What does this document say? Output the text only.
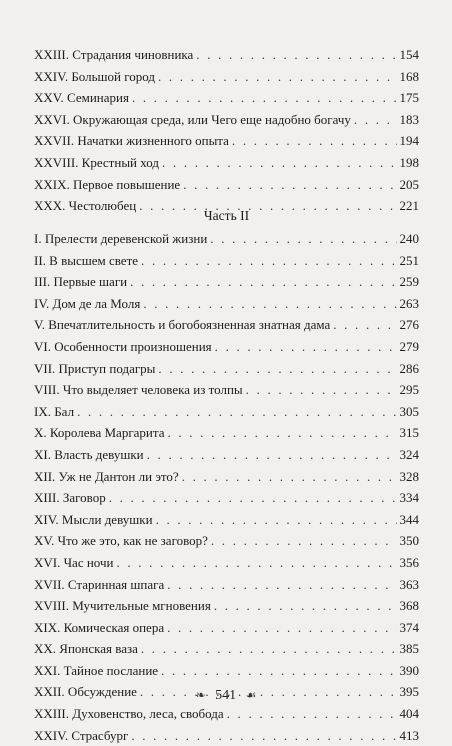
XXIII. Страдания чиновника . . .	154
XXIV. Большой город . . .	168
XXV. Семинария . . .	175
XXVI. Окружающая среда, или Чего еще надобно богачу . . .	183
XXVII. Начатки жизненного опыта . . .	194
XXVIII. Крестный ход . . .	198
XXIX. Первое повышение . . .	205
XXX. Честолюбец . . .	221
Часть II
I. Прелести деревенской жизни . . .	240
II. В высшем свете . . .	251
III. Первые шаги . . .	259
IV. Дом де ла Моля . . .	263
V. Впечатлительность и богобоязненная знатная дама . . .	276
VI. Особенности произношения . . .	279
VII. Приступ подагры . . .	286
VIII. Что выделяет человека из толпы . . .	295
IX. Бал . . .	305
X. Королева Маргарита . . .	315
XI. Власть девушки . . .	324
XII. Уж не Дантон ли это? . . .	328
XIII. Заговор . . .	334
XIV. Мысли девушки . . .	344
XV. Что же это, как не заговор? . . .	350
XVI. Час ночи . . .	356
XVII. Старинная шпага . . .	363
XVIII. Мучительные мгновения . . .	368
XIX. Комическая опера . . .	374
XX. Японская ваза . . .	385
XXI. Тайное послание . . .	390
XXII. Обсуждение . . .	395
XXIII. Духовенство, леса, свобода . . .	404
XXIV. Страсбург . . .	413
❧ 541 ☙
